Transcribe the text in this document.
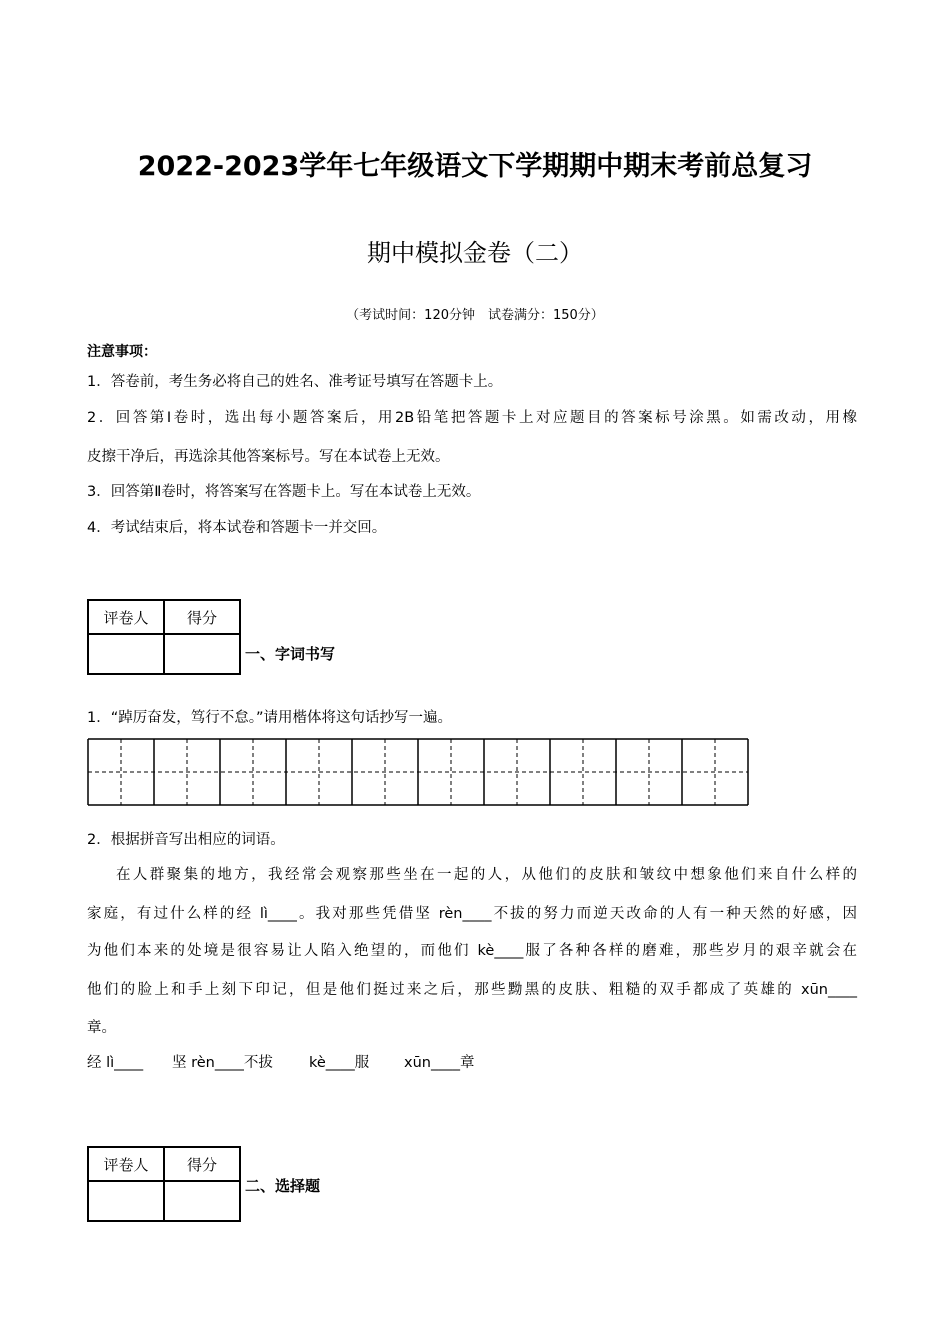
2022-2023学年七年级语文下学期期中期末考前总复习
期中模拟金卷（二）
（考试时间：120分钟　试卷满分：150分）
注意事项：
1．答卷前，考生务必将自己的姓名、准考证号填写在答题卡上。
2．回答第Ⅰ卷时，选出每小题答案后，用2B铅笔把答题卡上对应题目的答案标号涂黑。如需改动，用橡
皮擦干净后，再选涂其他答案标号。写在本试卷上无效。
3．回答第Ⅱ卷时，将答案写在答题卡上。写在本试卷上无效。
4．考试结束后，将本试卷和答题卡一并交回。
评卷人	得分

一、字词书写
1．“踔厉奋发，笃行不怠。”请用楷体将这句话抄写一遍。
2．根据拼音写出相应的词语。
在人群聚集的地方，我经常会观察那些坐在一起的人，从他们的皮肤和皱纹中想象他们来自什么样的
家庭，有过什么样的经 lì____。我对那些凭借坚 rèn____不拔的努力而逆天改命的人有一种天然的好感，因
为他们本来的处境是很容易让人陷入绝望的，而他们 kè____服了各种各样的磨难，那些岁月的艰辛就会在
他们的脸上和手上刻下印记，但是他们挺过来之后，那些黝黑的皮肤、粗糙的双手都成了英雄的 xūn____
章。
经 lì____ 坚 rèn____不拔 kè____服 xūn____章
评卷人	得分

二、选择题
